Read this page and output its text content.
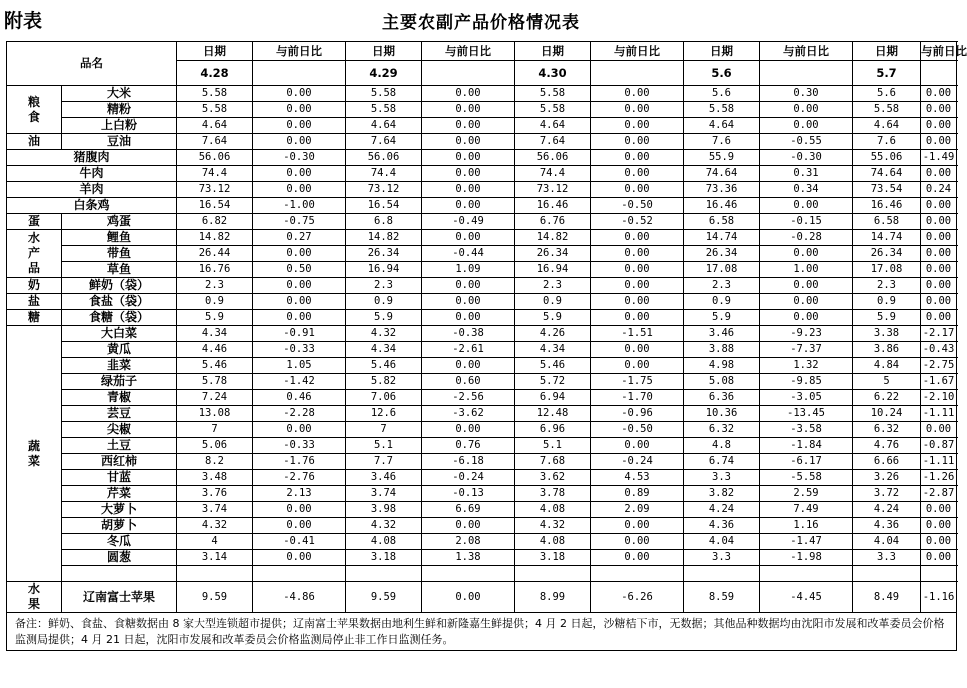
附表	主要农副产品价格情况表
品名		日期	与前日比	日期	与前日比	日期	与前日比	日期	与前日比	日期	与前日比
		4.28		4.29		4.30		5.6		5.7	
粮食	大米	5.58	0.00	5.58	0.00	5.58	0.00	5.6	0.30	5.6	0.00
	精粉	5.58	0.00	5.58	0.00	5.58	0.00	5.58	0.00	5.58	0.00
	上白粉	4.64	0.00	4.64	0.00	4.64	0.00	4.64	0.00	4.64	0.00
油	豆油	7.64	0.00	7.64	0.00	7.64	0.00	7.6	-0.55	7.6	0.00
猪腹肉		56.06	-0.30	56.06	0.00	56.06	0.00	55.9	-0.30	55.06	-1.49
牛肉		74.4	0.00	74.4	0.00	74.4	0.00	74.64	0.31	74.64	0.00
羊肉		73.12	0.00	73.12	0.00	73.12	0.00	73.36	0.34	73.54	0.24
白条鸡		16.54	-1.00	16.54	0.00	16.46	-0.50	16.46	0.00	16.46	0.00
蛋	鸡蛋	6.82	-0.75	6.8	-0.49	6.76	-0.52	6.58	-0.15	6.58	0.00
水产品	鲤鱼	14.82	0.27	14.82	0.00	14.82	0.00	14.74	-0.28	14.74	0.00
	带鱼	26.44	0.00	26.34	-0.44	26.34	0.00	26.34	0.00	26.34	0.00
	草鱼	16.76	0.50	16.94	1.09	16.94	0.00	17.08	1.00	17.08	0.00
奶	鲜奶（袋）	2.3	0.00	2.3	0.00	2.3	0.00	2.3	0.00	2.3	0.00
盐	食盐（袋）	0.9	0.00	0.9	0.00	0.9	0.00	0.9	0.00	0.9	0.00
糖	食糖（袋）	5.9	0.00	5.9	0.00	5.9	0.00	5.9	0.00	5.9	0.00
蔬菜	大白菜	4.34	-0.91	4.32	-0.38	4.26	-1.51	3.46	-9.23	3.38	-2.17
	黄瓜	4.46	-0.33	4.34	-2.61	4.34	0.00	3.88	-7.37	3.86	-0.43
	韭菜	5.46	1.05	5.46	0.00	5.46	0.00	4.98	1.32	4.84	-2.75
	绿茄子	5.78	-1.42	5.82	0.60	5.72	-1.75	5.08	-9.85	5	-1.67
	青椒	7.24	0.46	7.06	-2.56	6.94	-1.70	6.36	-3.05	6.22	-2.10
	芸豆	13.08	-2.28	12.6	-3.62	12.48	-0.96	10.36	-13.45	10.24	-1.11
	尖椒	7	0.00	7	0.00	6.96	-0.50	6.32	-3.58	6.32	0.00
	土豆	5.06	-0.33	5.1	0.76	5.1	0.00	4.8	-1.84	4.76	-0.87
	西红柿	8.2	-1.76	7.7	-6.18	7.68	-0.24	6.74	-6.17	6.66	-1.11
	甘蓝	3.48	-2.76	3.46	-0.24	3.62	4.53	3.3	-5.58	3.26	-1.26
	芹菜	3.76	2.13	3.74	-0.13	3.78	0.89	3.82	2.59	3.72	-2.87
	大萝卜	3.74	0.00	3.98	6.69	4.08	2.09	4.24	7.49	4.24	0.00
	胡萝卜	4.32	0.00	4.32	0.00	4.32	0.00	4.36	1.16	4.36	0.00
	冬瓜	4	-0.41	4.08	2.08	4.08	0.00	4.04	-1.47	4.04	0.00
	圆葱	3.14	0.00	3.18	1.38	3.18	0.00	3.3	-1.98	3.3	0.00

水果	辽南富士苹果	9.59	-4.86	9.59	0.00	8.99	-6.26	8.59	-4.45	8.49	-1.16
备注：鲜奶、食盐、食糖数据由 8 家大型连锁超市提供；辽南富士苹果数据由地利生鲜和新隆嘉生鲜提供；4 月 2 日起，沙糖桔下市，无数据；其他品种数据均由沈阳市发展和改革委员会价格监测局提供；4 月 21 日起，沈阳市发展和改革委员会价格监测局停止非工作日监测任务。											
